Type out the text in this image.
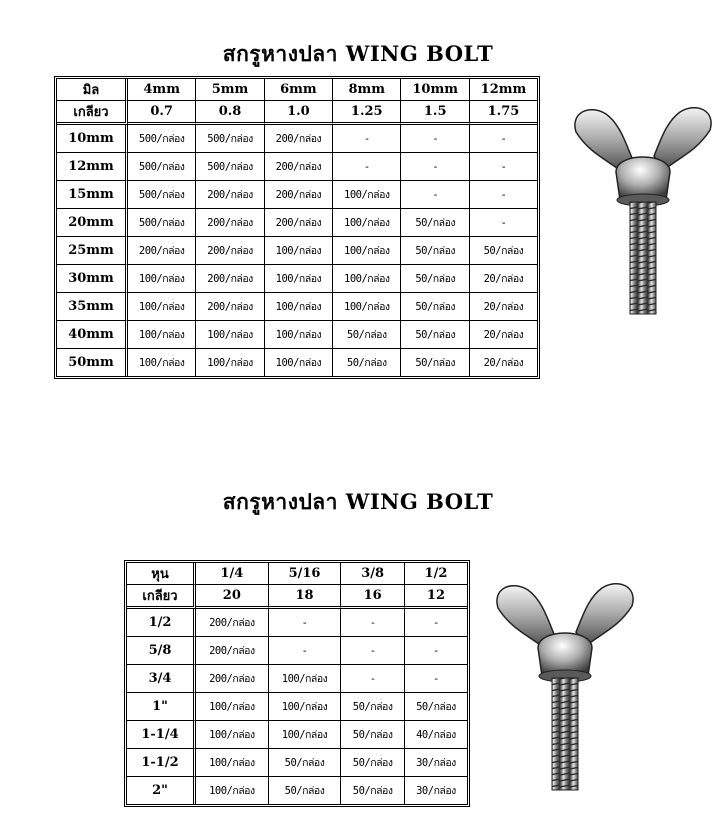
สกรูหางปลา WING BOLT
มิล	4mm	5mm	6mm	8mm	10mm	12mm
เกลียว	0.7	0.8	1.0	1.25	1.5	1.75
10mm	500/กล่อง	500/กล่อง	200/กล่อง	-	-	-
12mm	500/กล่อง	500/กล่อง	200/กล่อง	-	-	-
15mm	500/กล่อง	200/กล่อง	200/กล่อง	100/กล่อง	-	-
20mm	500/กล่อง	200/กล่อง	200/กล่อง	100/กล่อง	50/กล่อง	-
25mm	200/กล่อง	200/กล่อง	100/กล่อง	100/กล่อง	50/กล่อง	50/กล่อง
30mm	100/กล่อง	200/กล่อง	100/กล่อง	100/กล่อง	50/กล่อง	20/กล่อง
35mm	100/กล่อง	200/กล่อง	100/กล่อง	100/กล่อง	50/กล่อง	20/กล่อง
40mm	100/กล่อง	100/กล่อง	100/กล่อง	50/กล่อง	50/กล่อง	20/กล่อง
50mm	100/กล่อง	100/กล่อง	100/กล่อง	50/กล่อง	50/กล่อง	20/กล่อง
สกรูหางปลา WING BOLT
หุน	1/4	5/16	3/8	1/2
เกลียว	20	18	16	12
1/2	200/กล่อง	-	-	-
5/8	200/กล่อง	-	-	-
3/4	200/กล่อง	100/กล่อง	-	-
1"	100/กล่อง	100/กล่อง	50/กล่อง	50/กล่อง
1-1/4	100/กล่อง	100/กล่อง	50/กล่อง	40/กล่อง
1-1/2	100/กล่อง	50/กล่อง	50/กล่อง	30/กล่อง
2"	100/กล่อง	50/กล่อง	50/กล่อง	30/กล่อง
